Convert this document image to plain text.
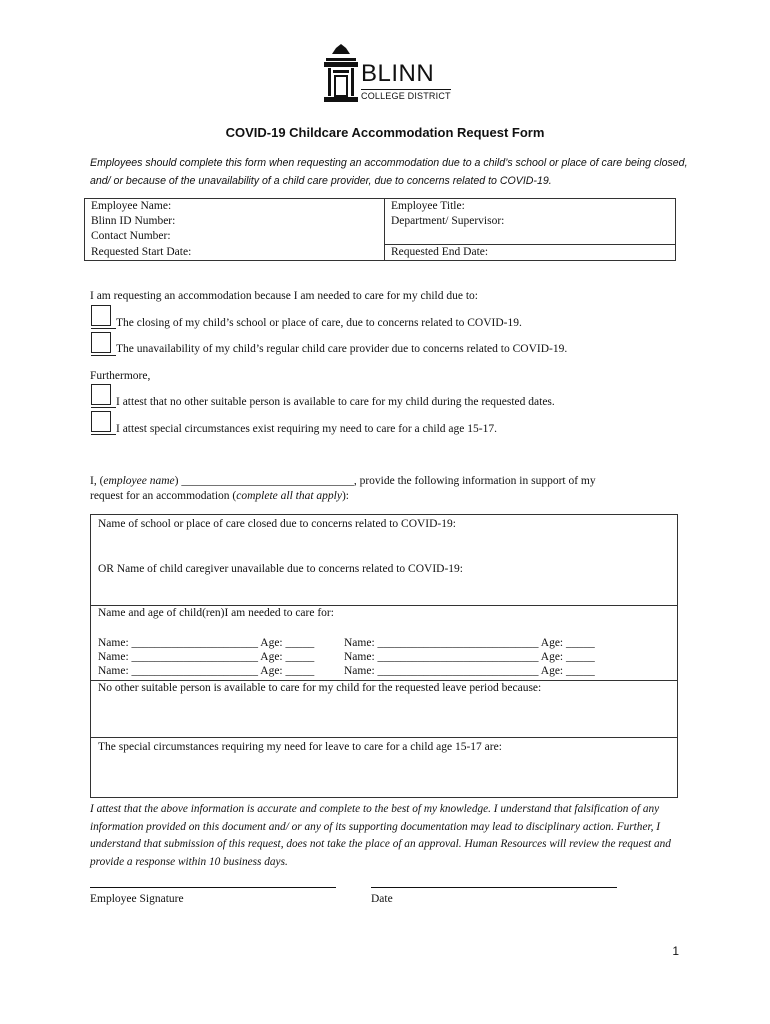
BLINN
COLLEGE DISTRICT
COVID-19 Childcare Accommodation Request Form
Employees should complete this form when requesting an accommodation due to a child’s school or place of care being closed, and/ or because of the unavailability of a child care provider, due to concerns related to COVID-19.
Employee Name:	Employee Title:
Blinn ID Number:	Department/ Supervisor:
Contact Number:	
Requested Start Date:	Requested End Date:
I am requesting an accommodation because I am needed to care for my child due to:
The closing of my child’s school or place of care, due to concerns related to COVID-19.
The unavailability of my child’s regular child care provider due to concerns related to COVID-19.
Furthermore,
I attest that no other suitable person is available to care for my child during the requested dates.
I attest special circumstances exist requiring my need to care for a child age 15-17.
I, (employee name) ______________________________, provide the following information in support of my
request for an accommodation (complete all that apply):
Name of school or place of care closed due to concerns related to COVID-19:
OR Name of child caregiver unavailable due to concerns related to COVID-19:
Name and age of child(ren)I am needed to care for:
Name: ______________________ Age: _____	Name: ____________________________ Age: _____
Name: ______________________ Age: _____	Name: ____________________________ Age: _____
Name: ______________________ Age: _____	Name: ____________________________ Age: _____
No other suitable person is available to care for my child for the requested leave period because:
The special circumstances requiring my need for leave to care for a child age 15-17 are:
I attest that the above information is accurate and complete to the best of my knowledge. I understand that falsification of any information provided on this document and/ or any of its supporting documentation may lead to disciplinary action. Further, I understand that submission of this request, does not take the place of an approval. Human Resources will review the request and provide a response within 10 business days.
Employee Signature	Date
1
